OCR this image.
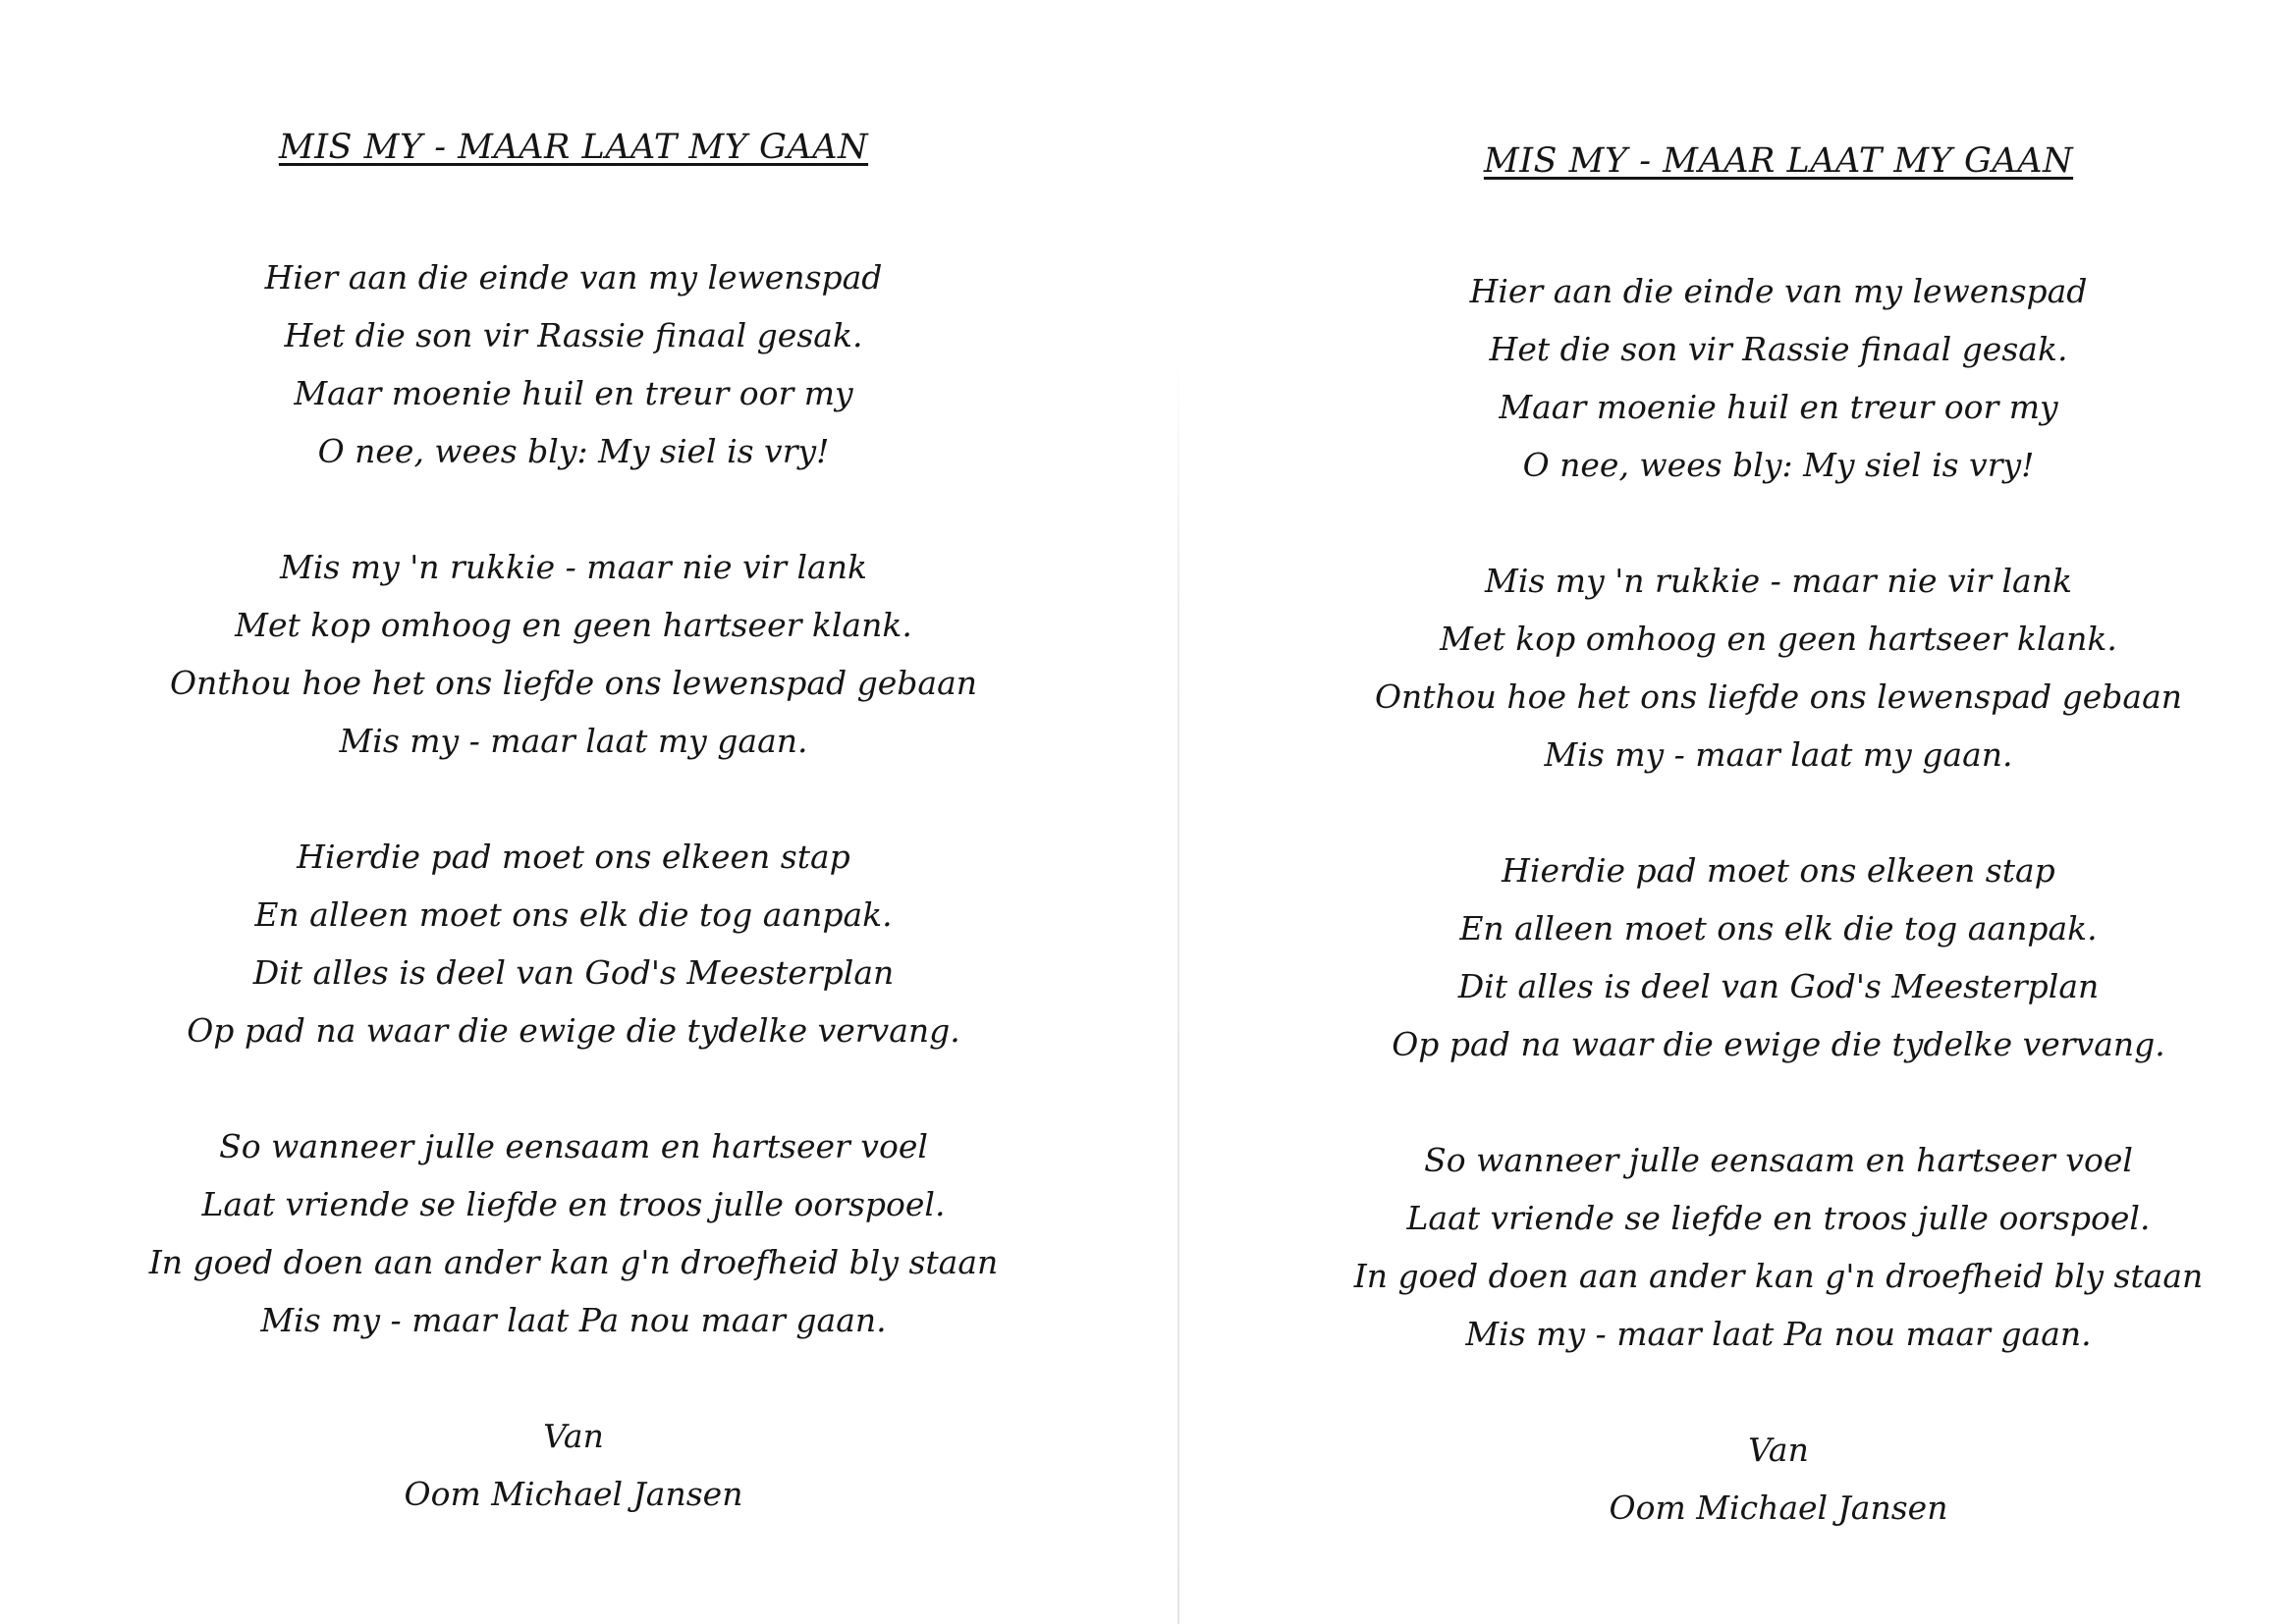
MIS MY - MAAR LAAT MY GAAN
Hier aan die einde van my lewenspad
Het die son vir Rassie finaal gesak.
Maar moenie huil en treur oor my
O nee, wees bly: My siel is vry!
Mis my 'n rukkie - maar nie vir lank
Met kop omhoog en geen hartseer klank.
Onthou hoe het ons liefde ons lewenspad gebaan
Mis my - maar laat my gaan.
Hierdie pad moet ons elkeen stap
En alleen moet ons elk die tog aanpak.
Dit alles is deel van God's Meesterplan
Op pad na waar die ewige die tydelke vervang.
So wanneer julle eensaam en hartseer voel
Laat vriende se liefde en troos julle oorspoel.
In goed doen aan ander kan g'n droefheid bly staan
Mis my - maar laat Pa nou maar gaan.
Van
Oom Michael Jansen
MIS MY - MAAR LAAT MY GAAN
Hier aan die einde van my lewenspad
Het die son vir Rassie finaal gesak.
Maar moenie huil en treur oor my
O nee, wees bly: My siel is vry!
Mis my 'n rukkie - maar nie vir lank
Met kop omhoog en geen hartseer klank.
Onthou hoe het ons liefde ons lewenspad gebaan
Mis my - maar laat my gaan.
Hierdie pad moet ons elkeen stap
En alleen moet ons elk die tog aanpak.
Dit alles is deel van God's Meesterplan
Op pad na waar die ewige die tydelke vervang.
So wanneer julle eensaam en hartseer voel
Laat vriende se liefde en troos julle oorspoel.
In goed doen aan ander kan g'n droefheid bly staan
Mis my - maar laat Pa nou maar gaan.
Van
Oom Michael Jansen
